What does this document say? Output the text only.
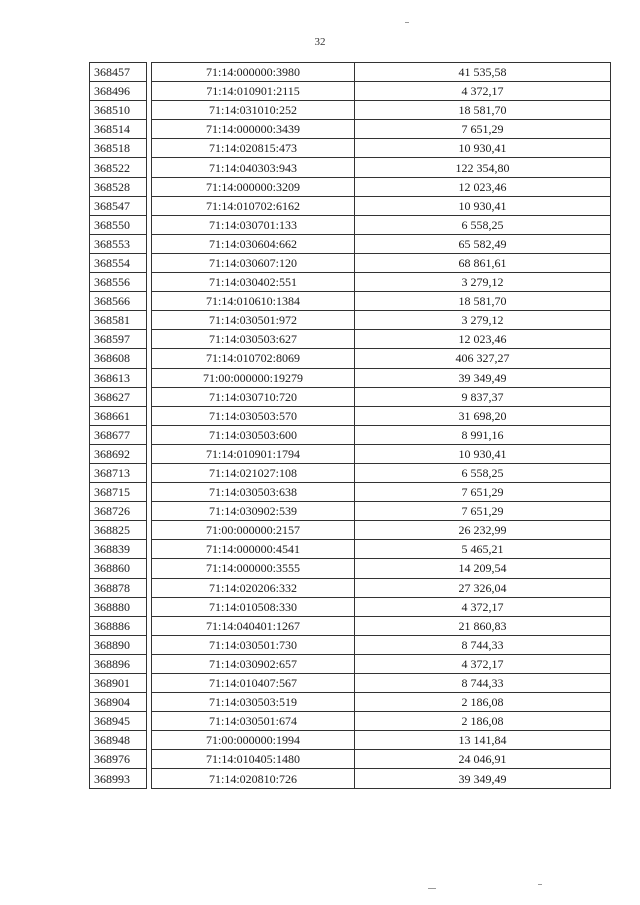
32
368457		71:14:000000:3980	41 535,58
368496		71:14:010901:2115	4 372,17
368510		71:14:031010:252	18 581,70
368514		71:14:000000:3439	7 651,29
368518		71:14:020815:473	10 930,41
368522		71:14:040303:943	122 354,80
368528		71:14:000000:3209	12 023,46
368547		71:14:010702:6162	10 930,41
368550		71:14:030701:133	6 558,25
368553		71:14:030604:662	65 582,49
368554		71:14:030607:120	68 861,61
368556		71:14:030402:551	3 279,12
368566		71:14:010610:1384	18 581,70
368581		71:14:030501:972	3 279,12
368597		71:14:030503:627	12 023,46
368608		71:14:010702:8069	406 327,27
368613		71:00:000000:19279	39 349,49
368627		71:14:030710:720	9 837,37
368661		71:14:030503:570	31 698,20
368677		71:14:030503:600	8 991,16
368692		71:14:010901:1794	10 930,41
368713		71:14:021027:108	6 558,25
368715		71:14:030503:638	7 651,29
368726		71:14:030902:539	7 651,29
368825		71:00:000000:2157	26 232,99
368839		71:14:000000:4541	5 465,21
368860		71:14:000000:3555	14 209,54
368878		71:14:020206:332	27 326,04
368880		71:14:010508:330	4 372,17
368886		71:14:040401:1267	21 860,83
368890		71:14:030501:730	8 744,33
368896		71:14:030902:657	4 372,17
368901		71:14:010407:567	8 744,33
368904		71:14:030503:519	2 186,08
368945		71:14:030501:674	2 186,08
368948		71:00:000000:1994	13 141,84
368976		71:14:010405:1480	24 046,91
368993		71:14:020810:726	39 349,49
